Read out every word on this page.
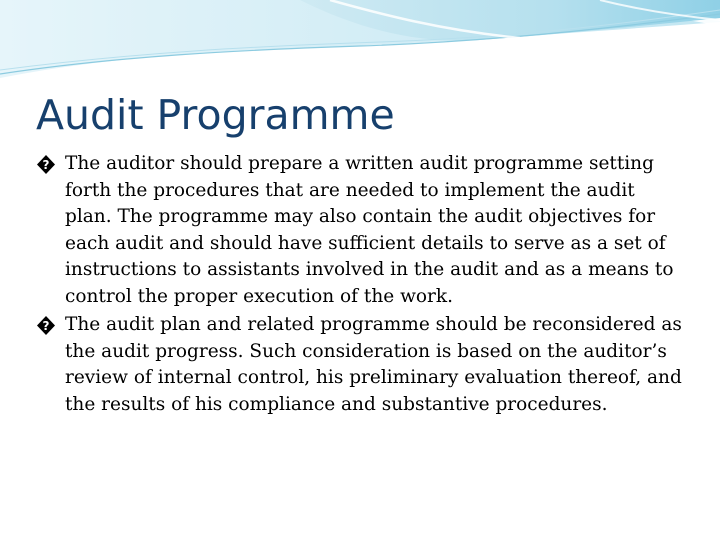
Audit Programme
? The auditor should prepare a written audit programme setting forth the procedures that are needed to implement the audit plan. The programme may also contain the audit objectives for each audit and should have sufficient details to serve as a set of instructions to assistants involved in the audit and as a means to control the proper execution of the work.
? The audit plan and related programme should be reconsidered as the audit progress. Such consideration is based on the auditor’s review of internal control, his preliminary evaluation thereof, and the results of his compliance and substantive procedures.
